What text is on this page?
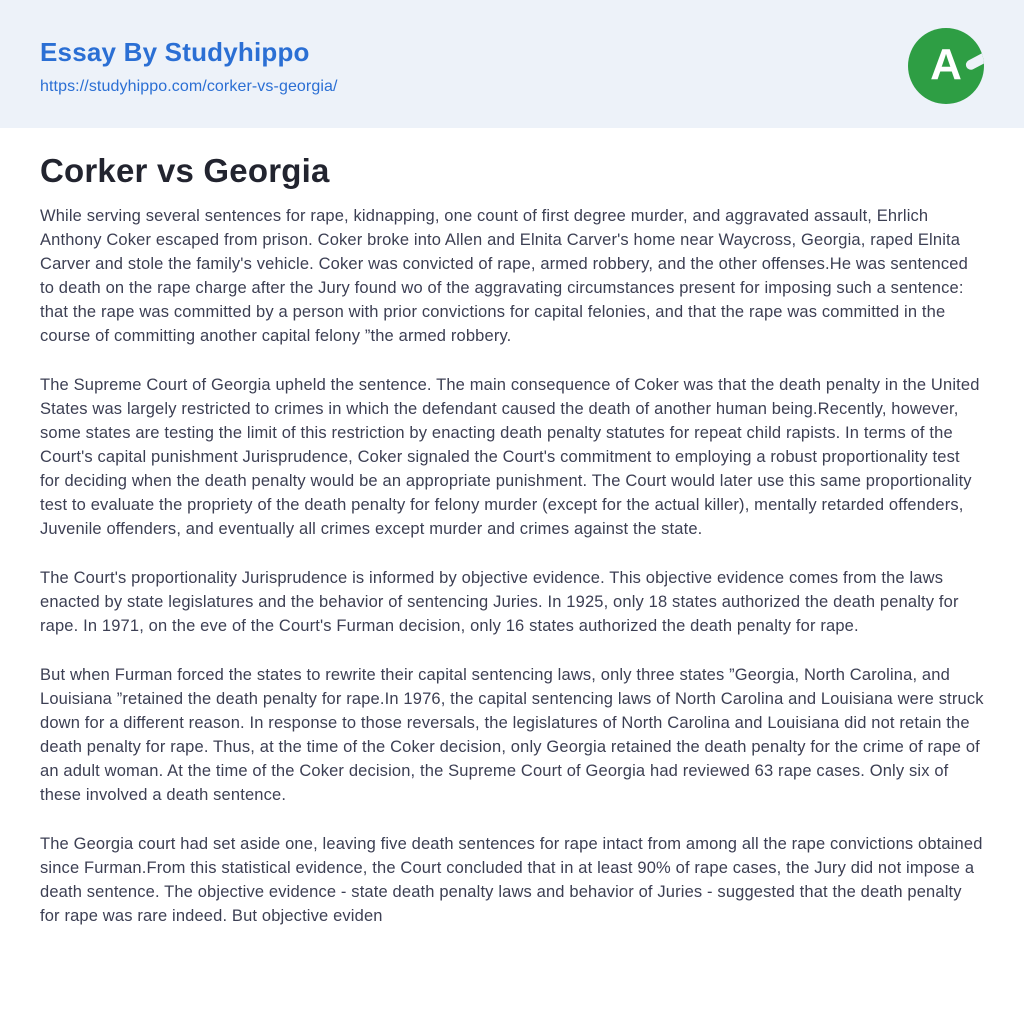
Essay By Studyhippo
https://studyhippo.com/corker-vs-georgia/	A
Corker vs Georgia

While serving several sentences for rape, kidnapping, one count of first degree murder, and aggravated assault, Ehrlich Anthony Coker escaped from prison. Coker broke into Allen and Elnita Carver's home near Waycross, Georgia, raped Elnita Carver and stole the family's vehicle. Coker was convicted of rape, armed robbery, and the other offenses.He was sentenced to death on the rape charge after the Jury found wo of the aggravating circumstances present for imposing such a sentence: that the rape was committed by a person with prior convictions for capital felonies, and that the rape was committed in the course of committing another capital felony ”the armed robbery.

The Supreme Court of Georgia upheld the sentence. The main consequence of Coker was that the death penalty in the United States was largely restricted to crimes in which the defendant caused the death of another human being.Recently, however, some states are testing the limit of this restriction by enacting death penalty statutes for repeat child rapists. In terms of the Court's capital punishment Jurisprudence, Coker signaled the Court's commitment to employing a robust proportionality test for deciding when the death penalty would be an appropriate punishment. The Court would later use this same proportionality test to evaluate the propriety of the death penalty for felony murder (except for the actual killer), mentally retarded offenders, Juvenile offenders, and eventually all crimes except murder and crimes against the state.

The Court's proportionality Jurisprudence is informed by objective evidence. This objective evidence comes from the laws enacted by state legislatures and the behavior of sentencing Juries. In 1925, only 18 states authorized the death penalty for rape. In 1971, on the eve of the Court's Furman decision, only 16 states authorized the death penalty for rape.

But when Furman forced the states to rewrite their capital sentencing laws, only three states ”Georgia, North Carolina, and Louisiana ”retained the death penalty for rape.In 1976, the capital sentencing laws of North Carolina and Louisiana were struck down for a different reason. In response to those reversals, the legislatures of North Carolina and Louisiana did not retain the death penalty for rape. Thus, at the time of the Coker decision, only Georgia retained the death penalty for the crime of rape of an adult woman. At the time of the Coker decision, the Supreme Court of Georgia had reviewed 63 rape cases. Only six of these involved a death sentence.

The Georgia court had set aside one, leaving five death sentences for rape intact from among all the rape convictions obtained since Furman.From this statistical evidence, the Court concluded that in at least 90% of rape cases, the Jury did not impose a death sentence. The objective evidence - state death penalty laws and behavior of Juries - suggested that the death penalty for rape was rare indeed. But objective eviden
